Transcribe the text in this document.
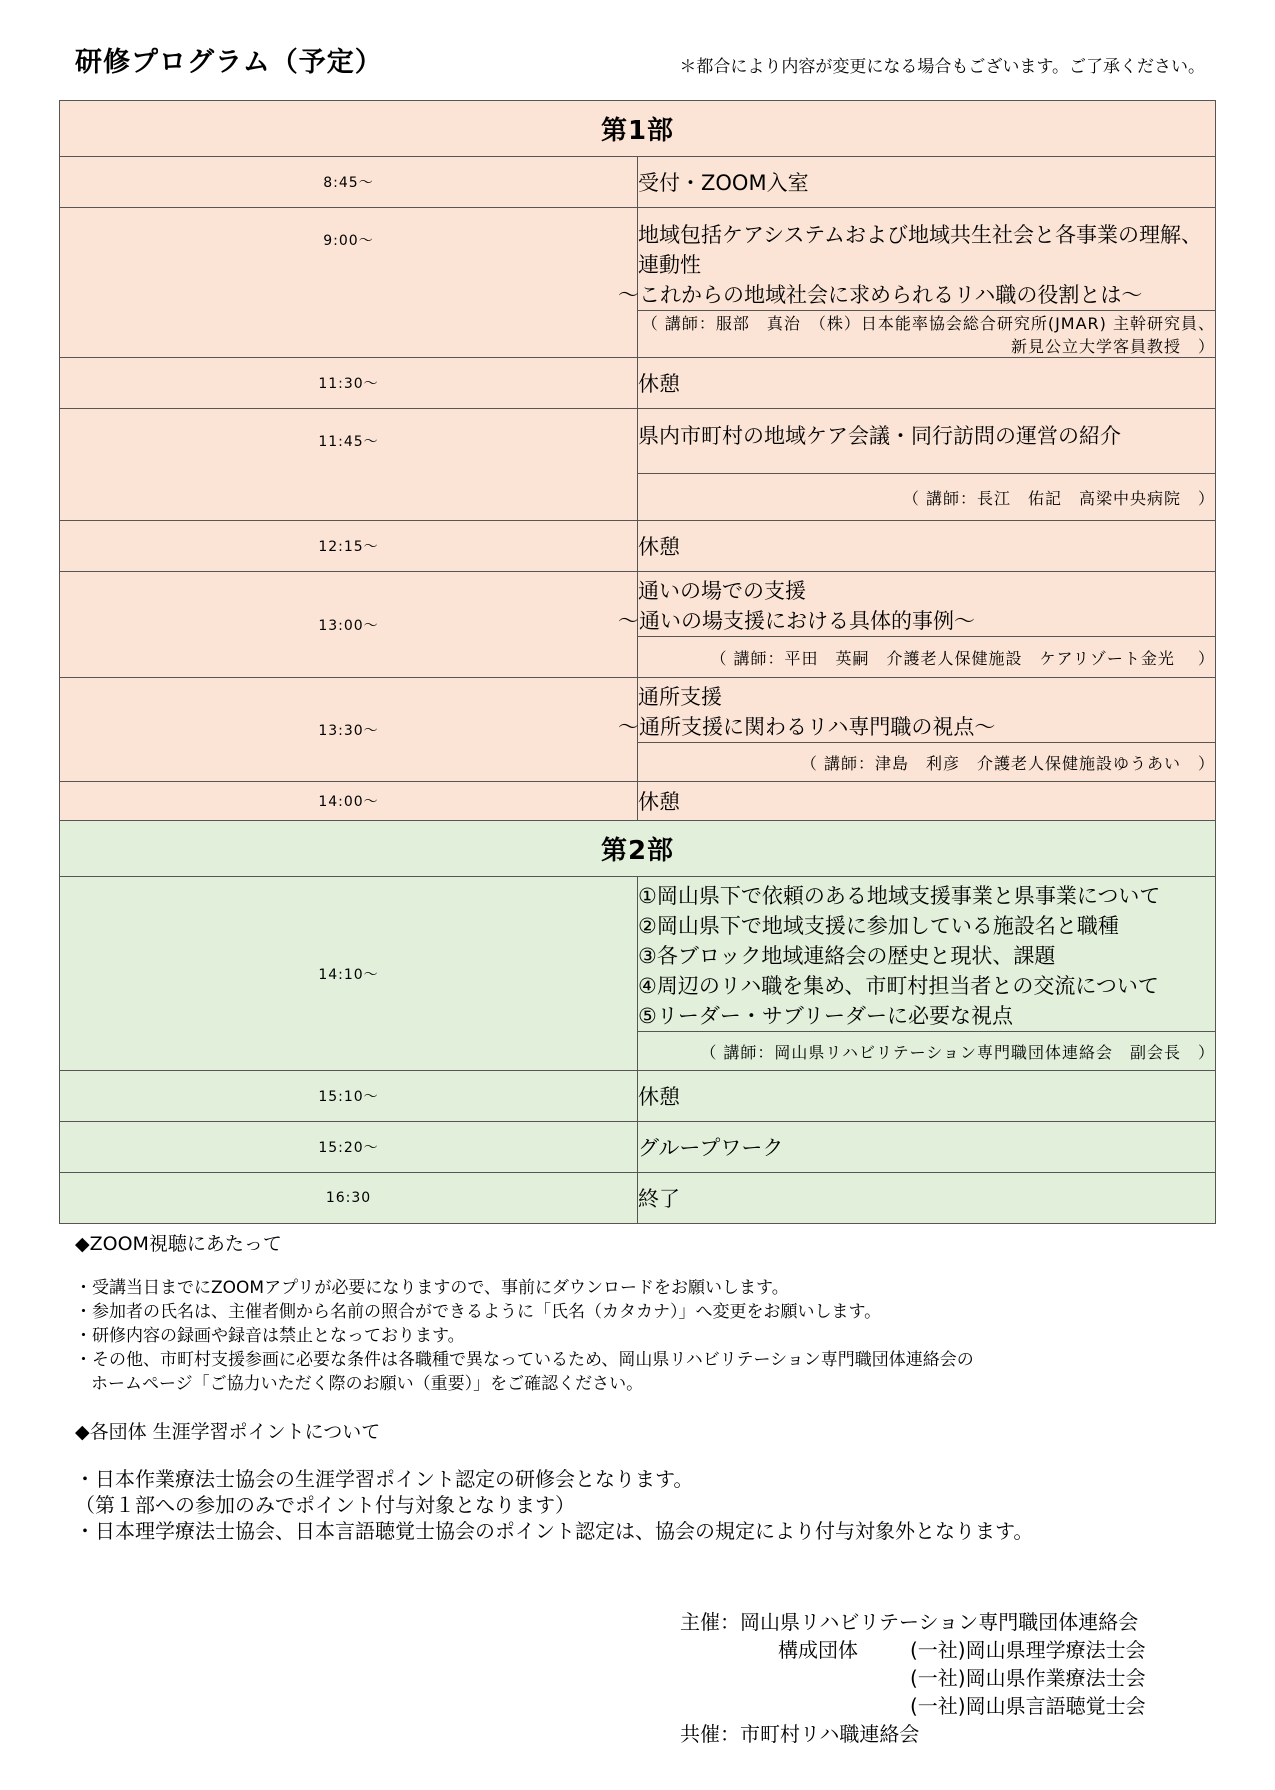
研修プログラム（予定）	＊都合により内容が変更になる場合もございます。ご了承ください。
第1部	
8:45～	受付・ZOOM入室
9:00～	地域包括ケアシステムおよび地域共生社会と各事業の理解、連動性
～これからの地域社会に求められるリハ職の役割とは～

	（ 講師：服部　真治　（株）日本能率協会総合研究所(JMAR) 主幹研究員、新見公立大学客員教授　）
11:30～	休憩
11:45～	県内市町村の地域ケア会議・同行訪問の運営の紹介

	（ 講師：長江　佑記　高梁中央病院　）
12:15～	休憩
13:00～	通いの場での支援
～通いの場支援における具体的事例～

	（ 講師：平田　英嗣　介護老人保健施設　ケアリゾート金光　 ）
13:30～	通所支援
～通所支援に関わるリハ専門職の視点～

	（ 講師：津島　利彦　介護老人保健施設ゆうあい　）
14:00～	休憩
第2部	
14:10～	①岡山県下で依頼のある地域支援事業と県事業について
②岡山県下で地域支援に参加している施設名と職種
③各ブロック地域連絡会の歴史と現状、課題
④周辺のリハ職を集め、市町村担当者との交流について
⑤リーダー・サブリーダーに必要な視点

	（ 講師：岡山県リハビリテーション専門職団体連絡会　副会長　）
15:10～	休憩
15:20～	グループワーク
16:30	終了
◆ZOOM視聴にあたって
・受講当日までにZOOMアプリが必要になりますので、事前にダウンロードをお願いします。
・参加者の氏名は、主催者側から名前の照合ができるように「氏名（カタカナ）」へ変更をお願いします。
・研修内容の録画や録音は禁止となっております。
・その他、市町村支援参画に必要な条件は各職種で異なっているため、岡山県リハビリテーション専門職団体連絡会の
ホームページ「ご協力いただく際のお願い（重要）」をご確認ください。
◆各団体 生涯学習ポイントについて
・日本作業療法士協会の生涯学習ポイント認定の研修会となります。
（第１部への参加のみでポイント付与対象となります）
・日本理学療法士協会、日本言語聴覚士協会のポイント認定は、協会の規定により付与対象外となります。
主催：岡山県リハビリテーション専門職団体連絡会
構成団体	(一社)岡山県理学療法士会
(一社)岡山県作業療法士会
(一社)岡山県言語聴覚士会
共催：市町村リハ職連絡会
